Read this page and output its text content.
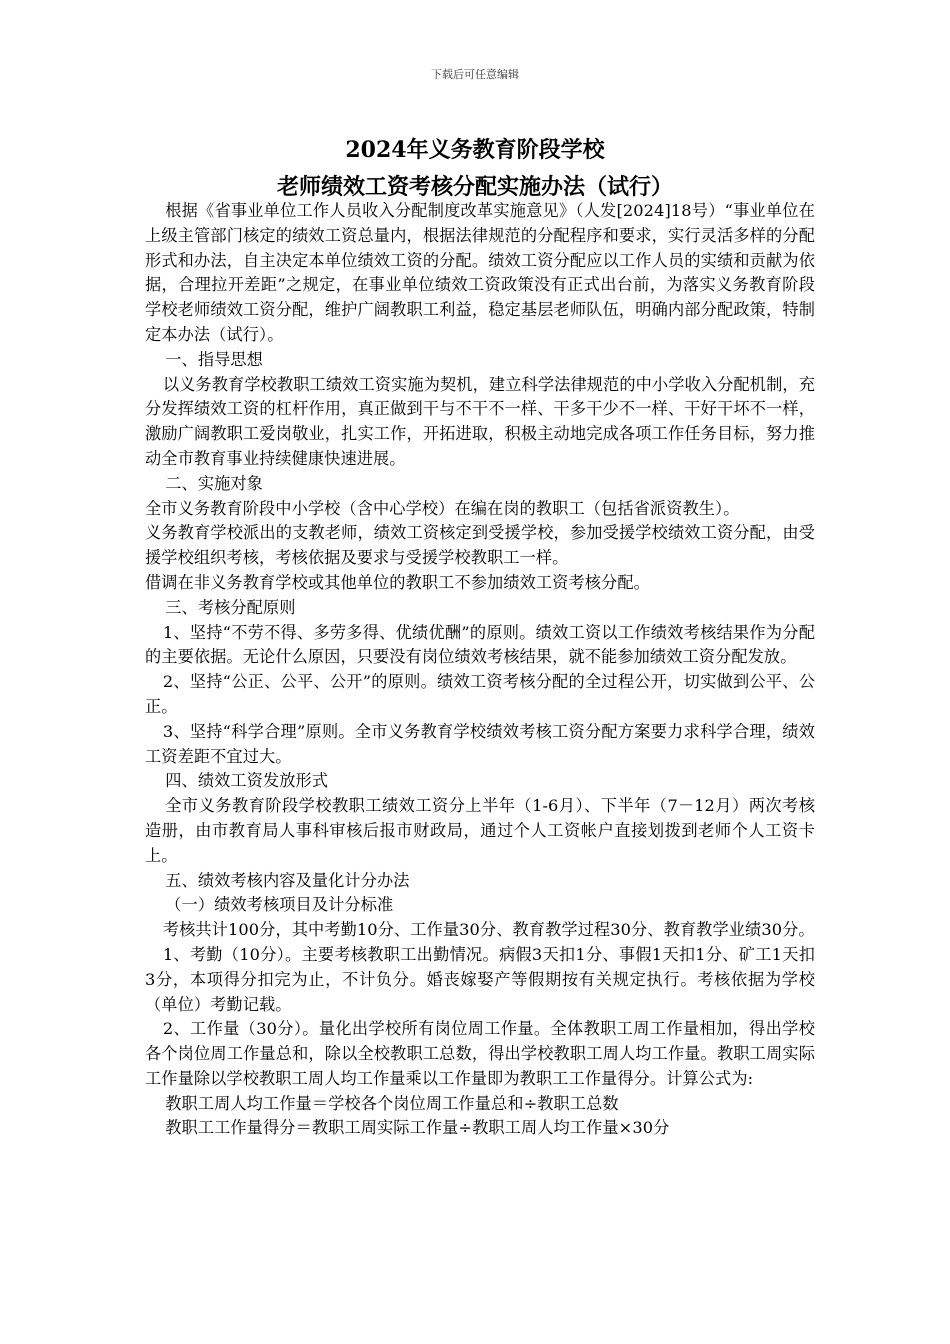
下载后可任意编辑
2024年义务教育阶段学校
老师绩效工资考核分配实施办法（试行）

根据《省事业单位工作人员收入分配制度改革实施意见》（人发[2024]18号）“事业单位在上级主管部门核定的绩效工资总量内，根据法律规范的分配程序和要求，实行灵活多样的分配形式和办法，自主决定本单位绩效工资的分配。绩效工资分配应以工作人员的实绩和贡献为依据，合理拉开差距”之规定，在事业单位绩效工资政策没有正式出台前，为落实义务教育阶段学校老师绩效工资分配，维护广阔教职工利益，稳定基层老师队伍，明确内部分配政策，特制定本办法（试行）。

一、指导思想

以义务教育学校教职工绩效工资实施为契机，建立科学法律规范的中小学收入分配机制，充分发挥绩效工资的杠杆作用，真正做到干与不干不一样、干多干少不一样、干好干坏不一样，激励广阔教职工爱岗敬业，扎实工作，开拓进取，积极主动地完成各项工作任务目标，努力推动全市教育事业持续健康快速进展。

二、实施对象

全市义务教育阶段中小学校（含中心学校）在编在岗的教职工（包括省派资教生）。

义务教育学校派出的支教老师，绩效工资核定到受援学校，参加受援学校绩效工资分配，由受援学校组织考核，考核依据及要求与受援学校教职工一样。

借调在非义务教育学校或其他单位的教职工不参加绩效工资考核分配。

三、考核分配原则

1、坚持“不劳不得、多劳多得、优绩优酬”的原则。绩效工资以工作绩效考核结果作为分配的主要依据。无论什么原因，只要没有岗位绩效考核结果，就不能参加绩效工资分配发放。

2、坚持“公正、公平、公开”的原则。绩效工资考核分配的全过程公开，切实做到公平、公正。

3、坚持“科学合理”原则。全市义务教育学校绩效考核工资分配方案要力求科学合理，绩效工资差距不宜过大。

四、绩效工资发放形式

全市义务教育阶段学校教职工绩效工资分上半年（1-6月）、下半年（7－12月）两次考核造册，由市教育局人事科审核后报市财政局，通过个人工资帐户直接划拨到老师个人工资卡上。

五、绩效考核内容及量化计分办法

（一）绩效考核项目及计分标准

考核共计100分，其中考勤10分、工作量30分、教育教学过程30分、教育教学业绩30分。

1、考勤（10分）。主要考核教职工出勤情况。病假3天扣1分、事假1天扣1分、矿工1天扣3分，本项得分扣完为止，不计负分。婚丧嫁娶产等假期按有关规定执行。考核依据为学校（单位）考勤记载。

2、工作量（30分）。量化出学校所有岗位周工作量。全体教职工周工作量相加，得出学校各个岗位周工作量总和，除以全校教职工总数，得出学校教职工周人均工作量。教职工周实际工作量除以学校教职工周人均工作量乘以工作量即为教职工工作量得分。计算公式为:

教职工周人均工作量＝学校各个岗位周工作量总和÷教职工总数

教职工工作量得分＝教职工周实际工作量÷教职工周人均工作量×30分
